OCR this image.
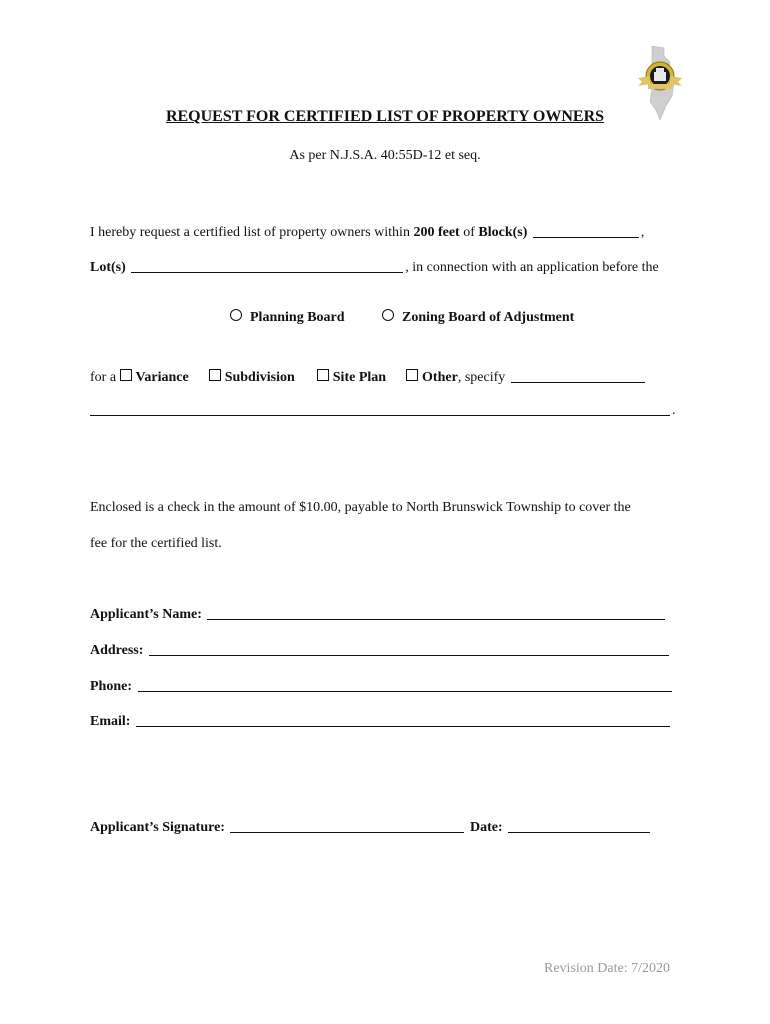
REQUEST FOR CERTIFIED LIST OF PROPERTY OWNERS
As per N.J.S.A. 40:55D-12 et seq.
I hereby request a certified list of property owners within 200 feet of Block(s)	,
Lot(s)	, in connection with an application before the
Planning Board	Zoning Board of Adjustment
for a Variance	Subdivision	Site Plan	Other, specify
.
Enclosed is a check in the amount of $10.00, payable to North Brunswick Township to cover the
fee for the certified list.
Applicant’s Name:
Address:
Phone:
Email:
Applicant’s Signature:	Date:
Revision Date: 7/2020
